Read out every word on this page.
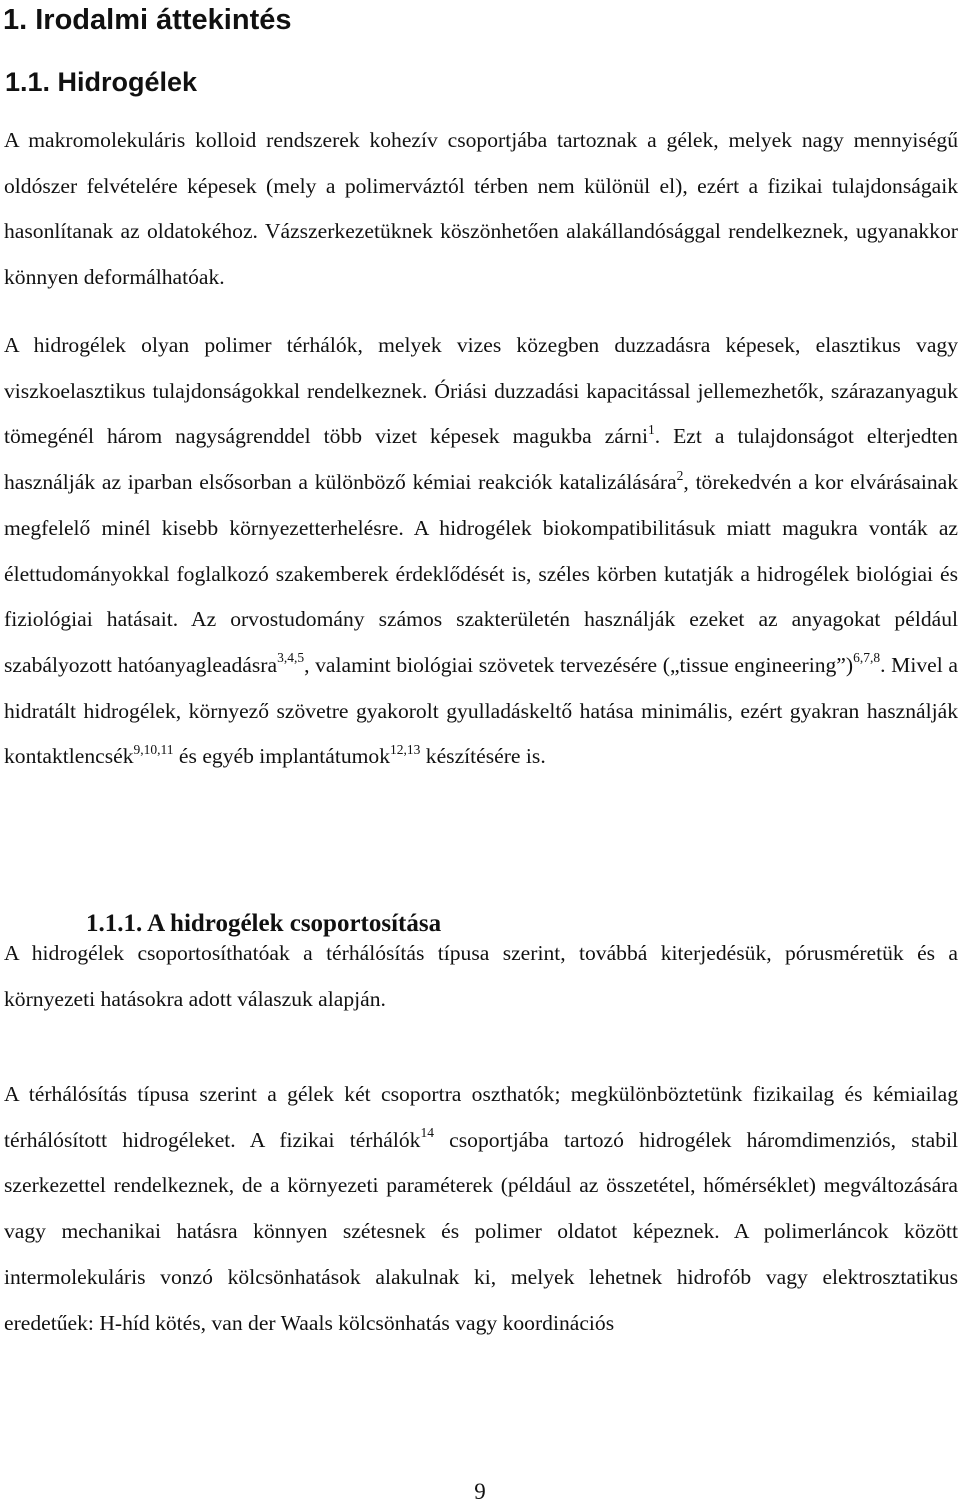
1. Irodalmi áttekintés
1.1. Hidrogélek

A makromolekuláris kolloid rendszerek kohezív csoportjába tartoznak a gélek, melyek nagy mennyiségű oldószer felvételére képesek (mely a polimerváztól térben nem különül el), ezért a fizikai tulajdonságaik hasonlítanak az oldatokéhoz. Vázszerkezetüknek köszönhetően alakállandósággal rendelkeznek, ugyanakkor könnyen deformálhatóak.

A hidrogélek olyan polimer térhálók, melyek vizes közegben duzzadásra képesek, elasztikus vagy viszkoelasztikus tulajdonságokkal rendelkeznek. Óriási duzzadási kapacitással jellemezhetők, szárazanyaguk tömegénél három nagyságrenddel több vizet képesek magukba zárni$^1$. Ezt a tulajdonságot elterjedten használják az iparban elsősorban a különböző kémiai reakciók katalizálására$^2$, törekedvén a kor elvárásainak megfelelő minél kisebb környezetterhelésre. A hidrogélek biokompatibilitásuk miatt magukra vonták az élettudományokkal foglalkozó szakemberek érdeklődését is, széles körben kutatják a hidrogélek biológiai és fiziológiai hatásait. Az orvostudomány számos szakterületén használják ezeket az anyagokat például szabályozott hatóanyagleadásra$^{3,4,5}$, valamint biológiai szövetek tervezésére („tissue engineering”)$^{6,7,8}$. Mivel a hidratált hidrogélek, környező szövetre gyakorolt gyulladáskeltő hatása minimális, ezért gyakran használják kontaktlencsék$^{9,10,11}$ és egyéb implantátumok$^{12,13}$ készítésére is.

1.1.1. A hidrogélek csoportosítása

A hidrogélek csoportosíthatóak a térhálósítás típusa szerint, továbbá kiterjedésük, pórusméretük és a környezeti hatásokra adott válaszuk alapján.

A térhálósítás típusa szerint a gélek két csoportra oszthatók; megkülönböztetünk fizikailag és kémiailag térhálósított hidrogéleket. A fizikai térhálók$^{14}$ csoportjába tartozó hidrogélek háromdimenziós, stabil szerkezettel rendelkeznek, de a környezeti paraméterek (például az összetétel, hőmérséklet) megváltozására vagy mechanikai hatásra könnyen szétesnek és polimer oldatot képeznek. A polimerláncok között intermolekuláris vonzó kölcsönhatások alakulnak ki, melyek lehetnek hidrofób vagy elektrosztatikus eredetűek: H-híd kötés, van der Waals kölcsönhatás vagy koordinációs

9
